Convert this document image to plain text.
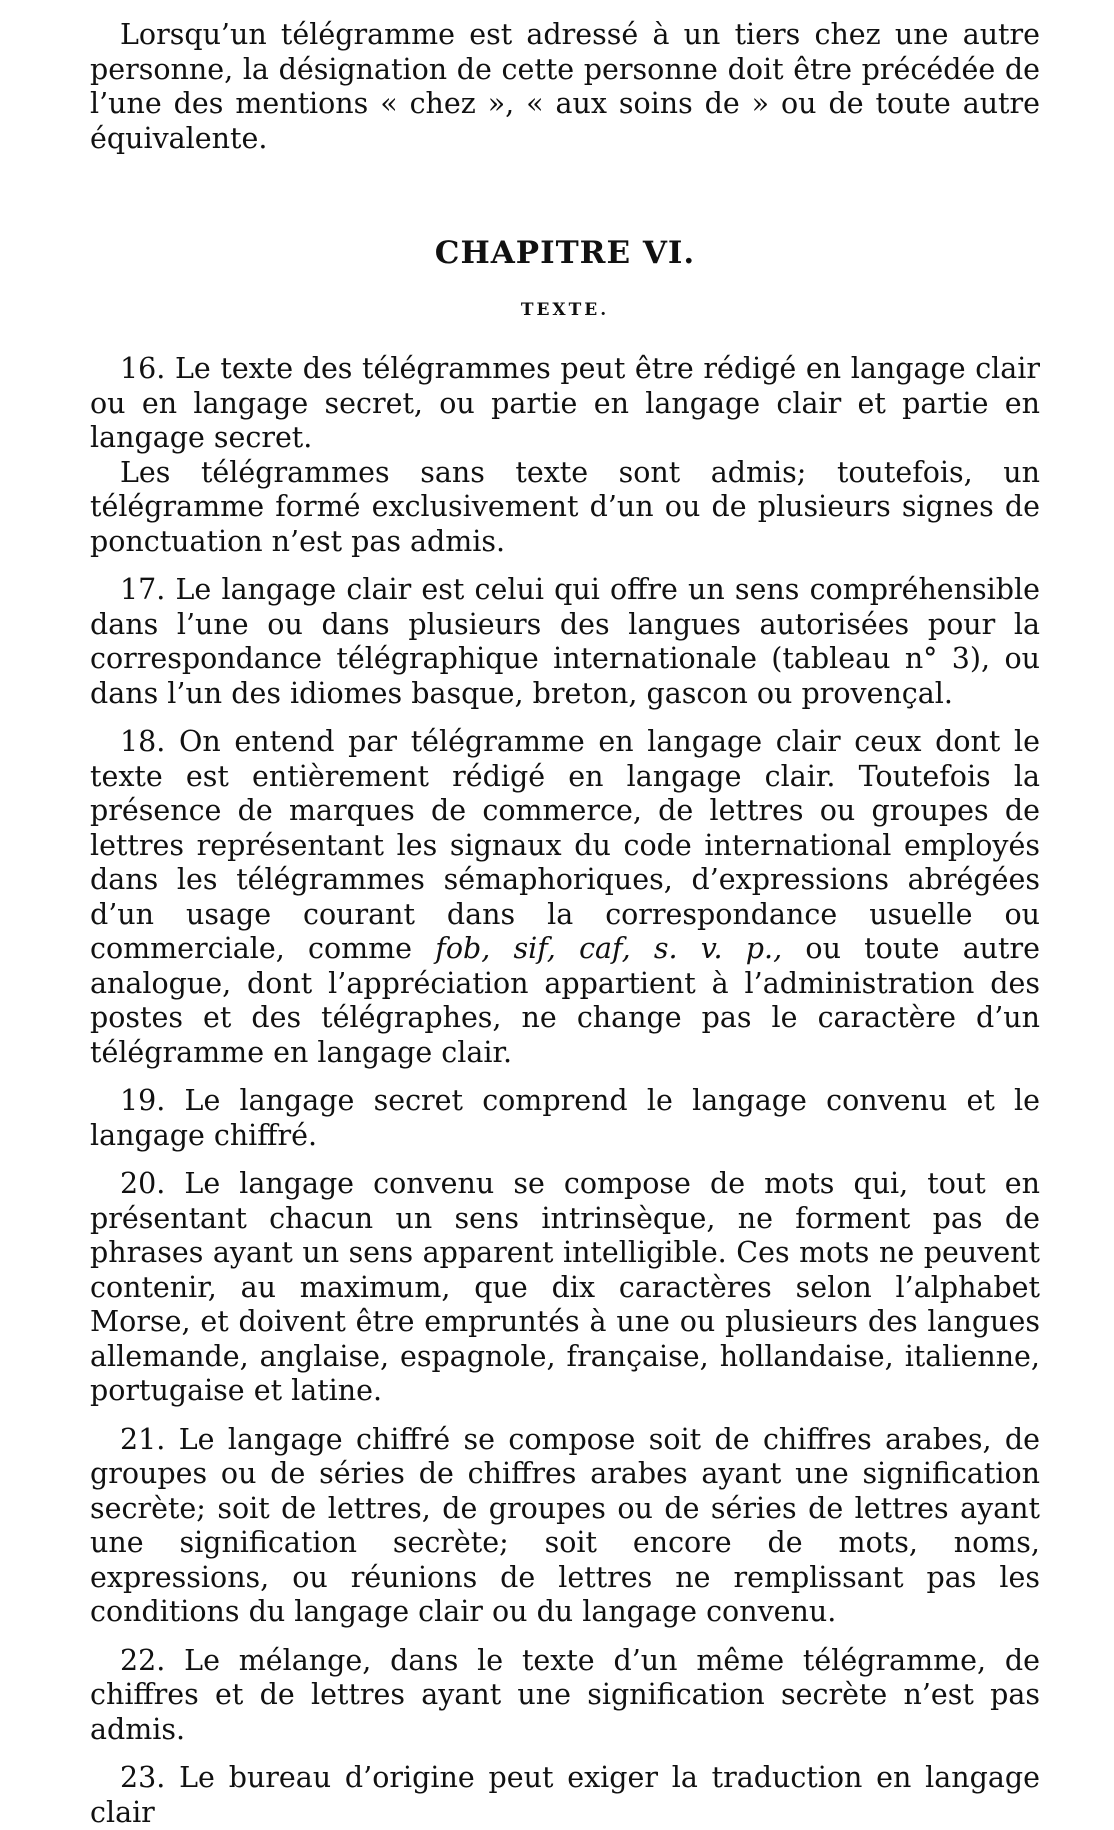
Lorsqu’un télégramme est adressé à un tiers chez une autre personne, la désignation de cette personne doit être précédée de l’une des mentions « chez », « aux soins de » ou de toute autre équivalente.

CHAPITRE VI.
TEXTE.

16. Le texte des télégrammes peut être rédigé en langage clair ou en langage secret, ou partie en langage clair et partie en langage secret.

Les télégrammes sans texte sont admis; toutefois, un télégramme formé exclusivement d’un ou de plusieurs signes de ponctuation n’est pas admis.

17. Le langage clair est celui qui offre un sens compréhensible dans l’une ou dans plusieurs des langues autorisées pour la correspondance télégraphique internationale (tableau n° 3), ou dans l’un des idiomes basque, breton, gascon ou provençal.

18. On entend par télégramme en langage clair ceux dont le texte est entièrement rédigé en langage clair. Toutefois la présence de marques de commerce, de lettres ou groupes de lettres représentant les signaux du code international employés dans les télégrammes sémaphoriques, d’expressions abrégées d’un usage courant dans la correspondance usuelle ou commerciale, comme fob, sif, caf, s. v. p., ou toute autre analogue, dont l’appréciation appartient à l’administration des postes et des télégraphes, ne change pas le caractère d’un télégramme en langage clair.

19. Le langage secret comprend le langage convenu et le langage chiffré.

20. Le langage convenu se compose de mots qui, tout en présentant chacun un sens intrinsèque, ne forment pas de phrases ayant un sens apparent intelligible. Ces mots ne peuvent contenir, au maximum, que dix caractères selon l’alphabet Morse, et doivent être empruntés à une ou plusieurs des langues allemande, anglaise, espagnole, française, hollandaise, italienne, portugaise et latine.

21. Le langage chiffré se compose soit de chiffres arabes, de groupes ou de séries de chiffres arabes ayant une signification secrète; soit de lettres, de groupes ou de séries de lettres ayant une signification secrète; soit encore de mots, noms, expressions, ou réunions de lettres ne remplissant pas les conditions du langage clair ou du langage convenu.

22. Le mélange, dans le texte d’un même télégramme, de chiffres et de lettres ayant une signification secrète n’est pas admis.

23. Le bureau d’origine peut exiger la traduction en langage clair
